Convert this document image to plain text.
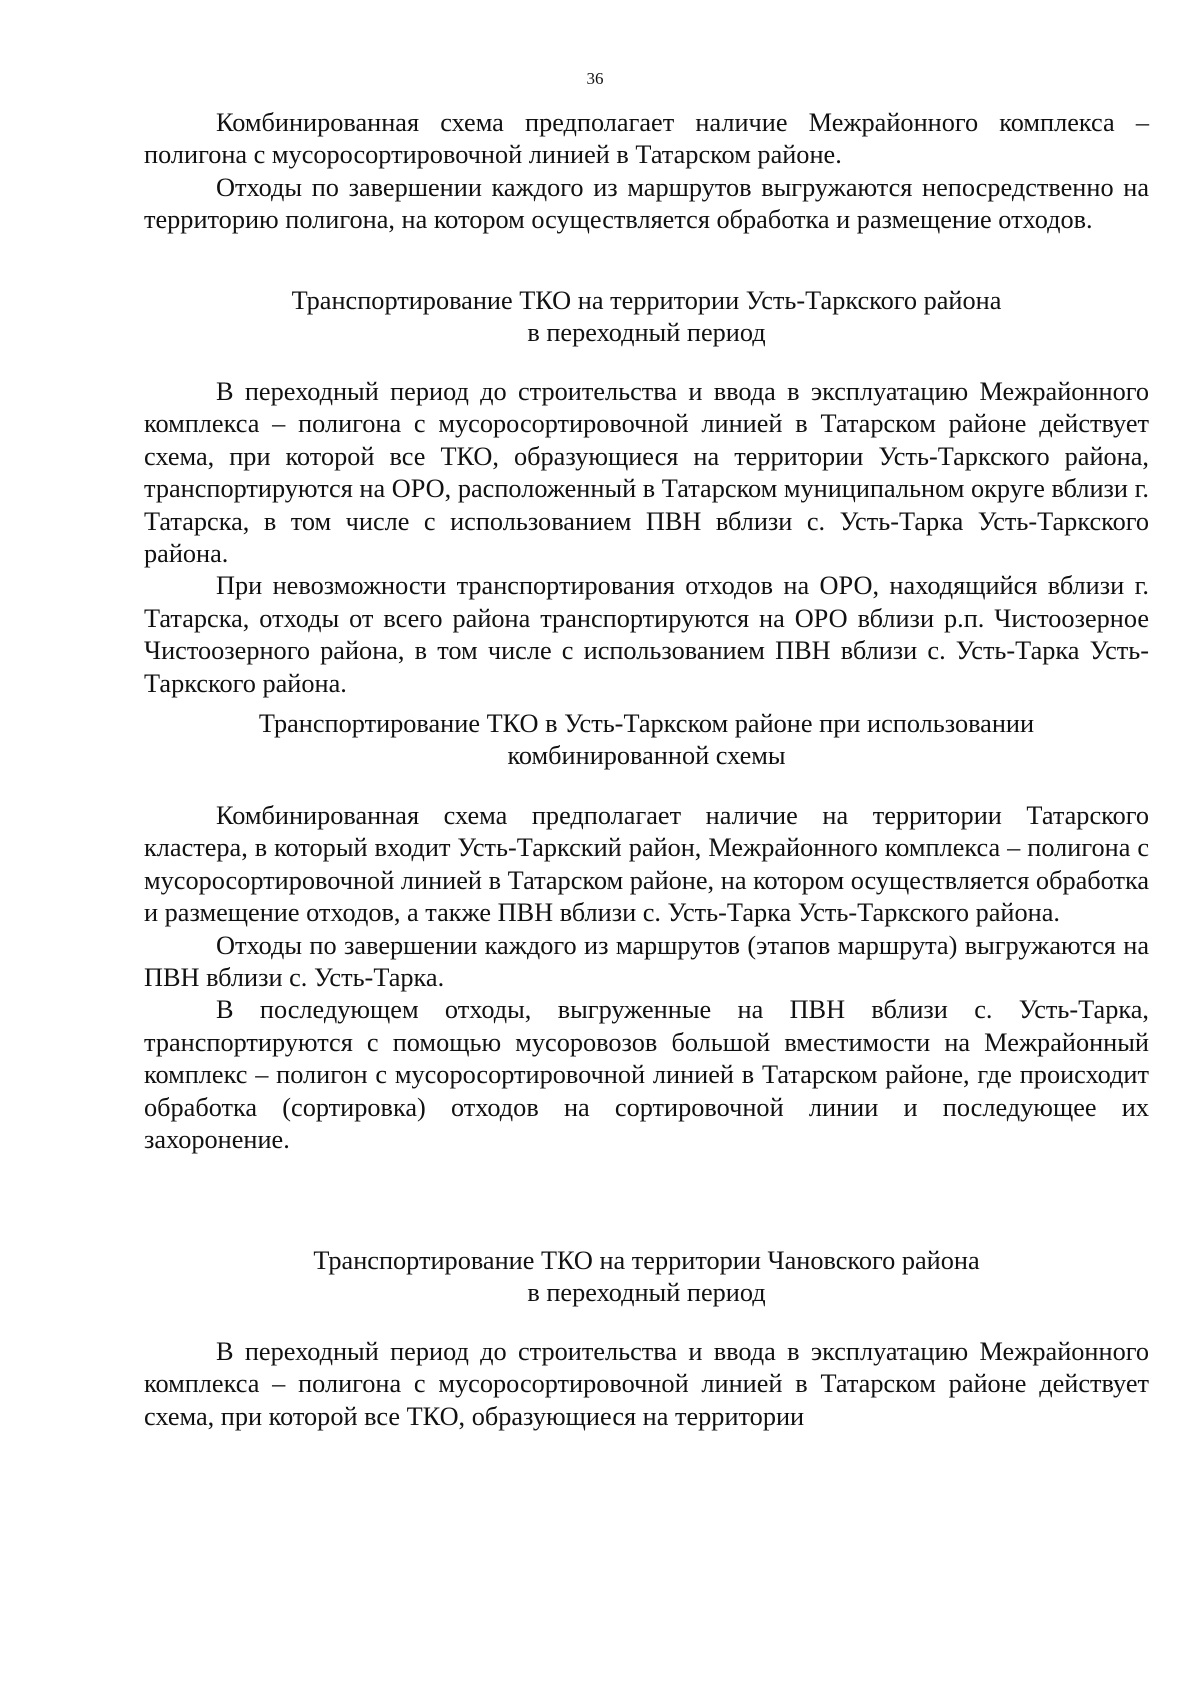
36

Комбинированная схема предполагает наличие Межрайонного комплекса – полигона с мусоросортировочной линией в Татарском районе.

Отходы по завершении каждого из маршрутов выгружаются непосредственно на территорию полигона, на котором осуществляется обработка и размещение отходов.

Транспортирование ТКО на территории Усть-Таркского района
в переходный период

В переходный период до строительства и ввода в эксплуатацию Межрайонного комплекса – полигона с мусоросортировочной линией в Татарском районе действует схема, при которой все ТКО, образующиеся на территории Усть-Таркского района, транспортируются на ОРО, расположенный в Татарском муниципальном округе вблизи г. Татарска, в том числе с использованием ПВН вблизи с. Усть-Тарка Усть-Таркского района.

При невозможности транспортирования отходов на ОРО, находящийся вблизи г. Татарска, отходы от всего района транспортируются на ОРО вблизи р.п. Чистоозерное Чистоозерного района, в том числе с использованием ПВН вблизи с. Усть-Тарка Усть-Таркского района.

Транспортирование ТКО в Усть-Таркском районе при использовании
комбинированной схемы

Комбинированная схема предполагает наличие на территории Татарского кластера, в который входит Усть-Таркский район, Межрайонного комплекса – полигона с мусоросортировочной линией в Татарском районе, на котором осуществляется обработка и размещение отходов, а также ПВН вблизи с. Усть-Тарка Усть-Таркского района.

Отходы по завершении каждого из маршрутов (этапов маршрута) выгружаются на ПВН вблизи с. Усть-Тарка.

В последующем отходы, выгруженные на ПВН вблизи с. Усть-Тарка, транспортируются с помощью мусоровозов большой вместимости на Межрайонный комплекс – полигон с мусоросортировочной линией в Татарском районе, где происходит обработка (сортировка) отходов на сортировочной линии и последующее их захоронение.

Транспортирование ТКО на территории Чановского района
в переходный период

В переходный период до строительства и ввода в эксплуатацию Межрайонного комплекса – полигона с мусоросортировочной линией в Татарском районе действует схема, при которой все ТКО, образующиеся на территории
